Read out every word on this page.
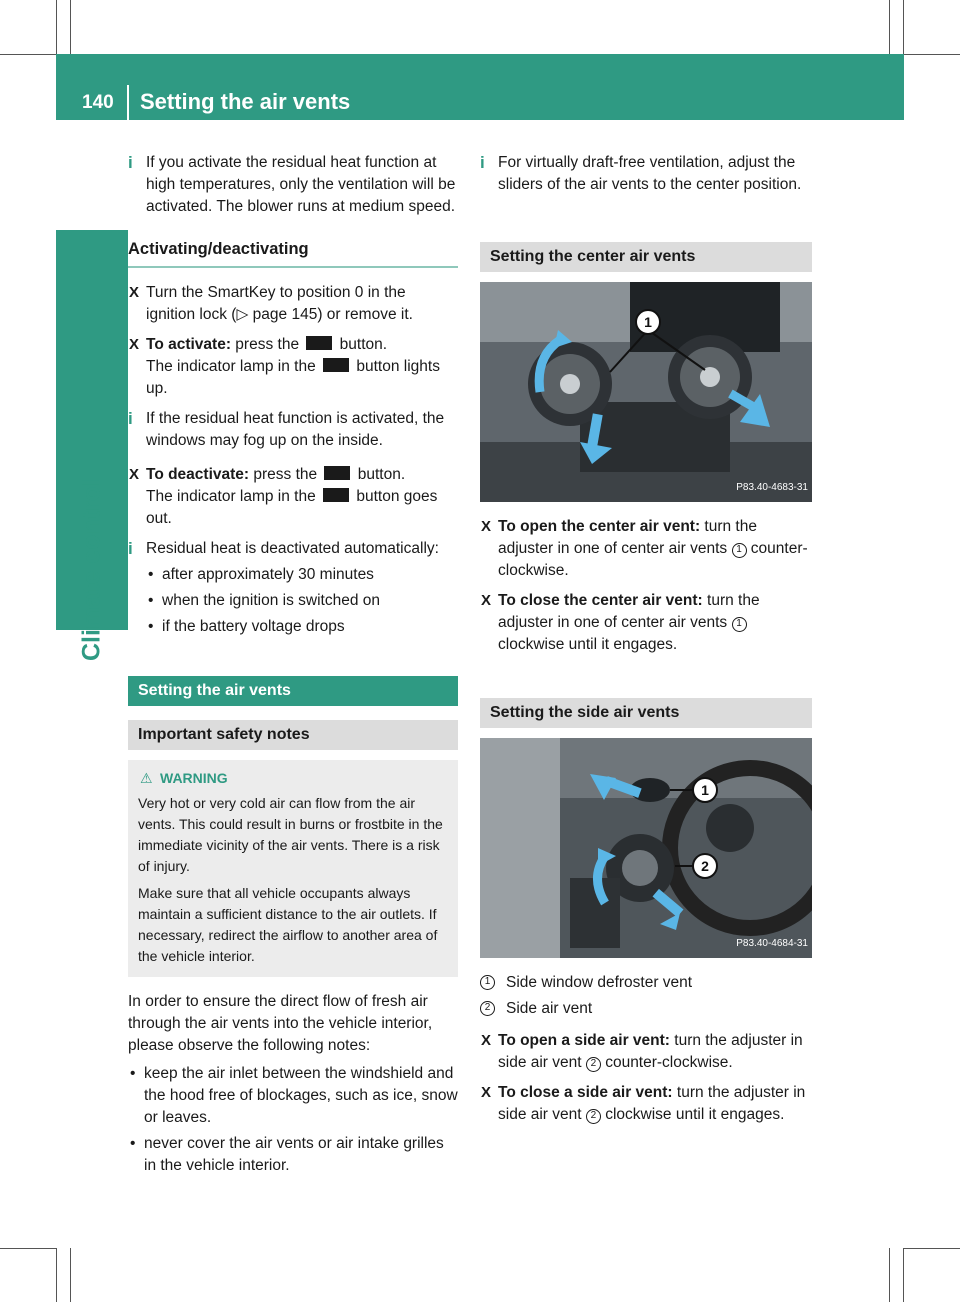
140 Setting the air vents
Climate control
i If you activate the residual heat function at high temperatures, only the ventilation will be activated. The blower runs at medium speed.
Activating/deactivating
X Turn the SmartKey to position 0 in the ignition lock (▷ page 145) or remove it.
X To activate: press the  button.
The indicator lamp in the  button lights up.
i If the residual heat function is activated, the windows may fog up on the inside.
X To deactivate: press the  button.
The indicator lamp in the  button goes out.
i Residual heat is deactivated automatically:
• after approximately 30 minutes
• when the ignition is switched on
• if the battery voltage drops
Setting the air vents
Important safety notes
⚠ WARNING

Very hot or very cold air can flow from the air vents. This could result in burns or frostbite in the immediate vicinity of the air vents. There is a risk of injury.

Make sure that all vehicle occupants always maintain a sufficient distance to the air outlets. If necessary, redirect the airflow to another area of the vehicle interior.

In order to ensure the direct flow of fresh air through the air vents into the vehicle interior, please observe the following notes:
• keep the air inlet between the windshield and the hood free of blockages, such as ice, snow or leaves.
• never cover the air vents or air intake grilles in the vehicle interior.
i For virtually draft-free ventilation, adjust the sliders of the air vents to the center position.
Setting the center air vents
1
P83.40-4683-31
X To open the center air vent: turn the adjuster in one of center air vents 1 counter-clockwise.
X To close the center air vent: turn the adjuster in one of center air vents 1 clockwise until it engages.
Setting the side air vents
1
2
P83.40-4684-31
1	Side window defroster vent
2	Side air vent
X To open a side air vent: turn the adjuster in side air vent 2 counter-clockwise.
X To close a side air vent: turn the adjuster in side air vent 2 clockwise until it engages.
